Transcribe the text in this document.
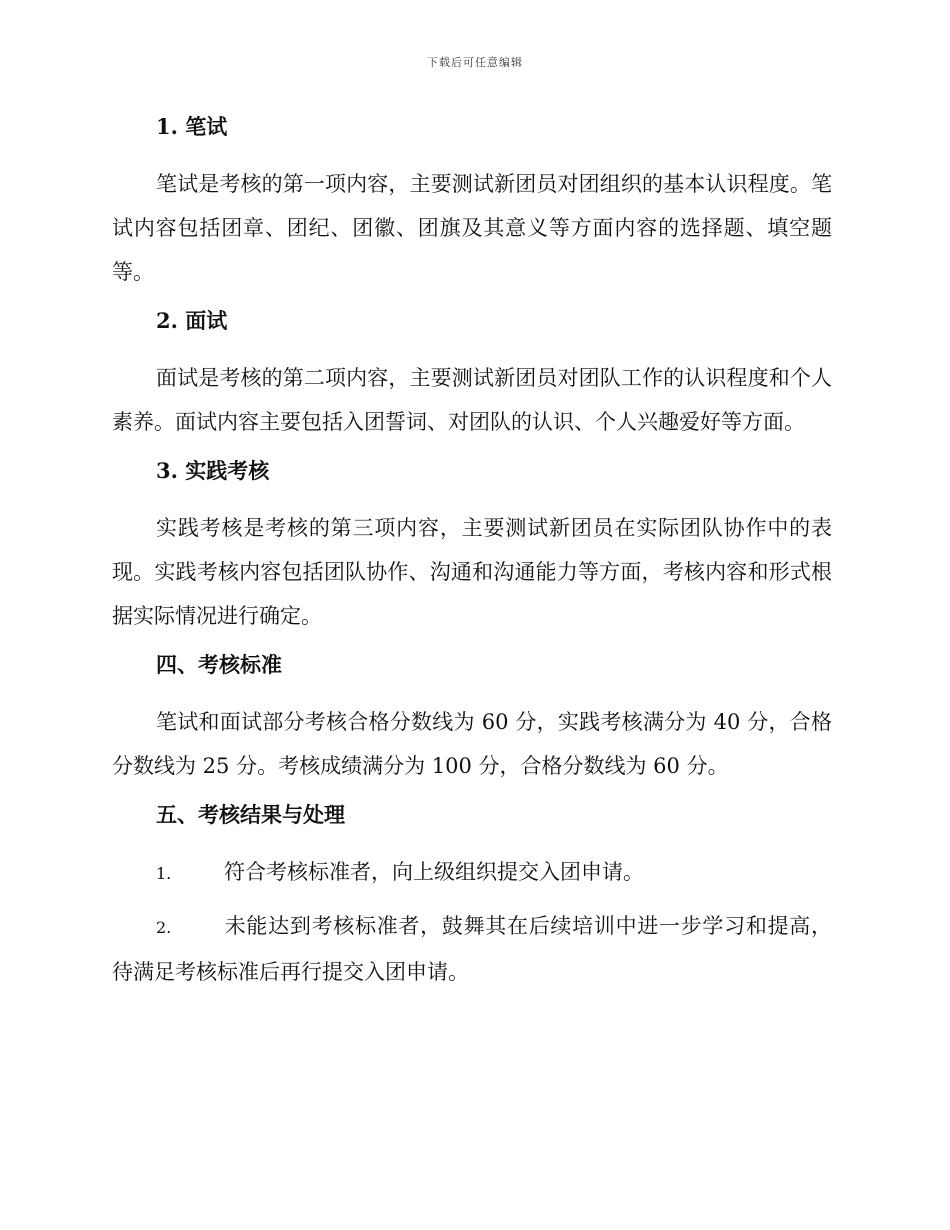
下载后可任意编辑
1. 笔试

笔试是考核的第一项内容，主要测试新团员对团组织的基本认识程度。笔试内容包括团章、团纪、团徽、团旗及其意义等方面内容的选择题、填空题等。

2. 面试

面试是考核的第二项内容，主要测试新团员对团队工作的认识程度和个人素养。面试内容主要包括入团誓词、对团队的认识、个人兴趣爱好等方面。

3. 实践考核

实践考核是考核的第三项内容，主要测试新团员在实际团队协作中的表现。实践考核内容包括团队协作、沟通和沟通能力等方面，考核内容和形式根据实际情况进行确定。

四、考核标准

笔试和面试部分考核合格分数线为 60 分，实践考核满分为 40 分，合格分数线为 25 分。考核成绩满分为 100 分，合格分数线为 60 分。

五、考核结果与处理

1.	符合考核标准者，向上级组织提交入团申请。

2.	未能达到考核标准者，鼓舞其在后续培训中进一步学习和提高，待满足考核标准后再行提交入团申请。
